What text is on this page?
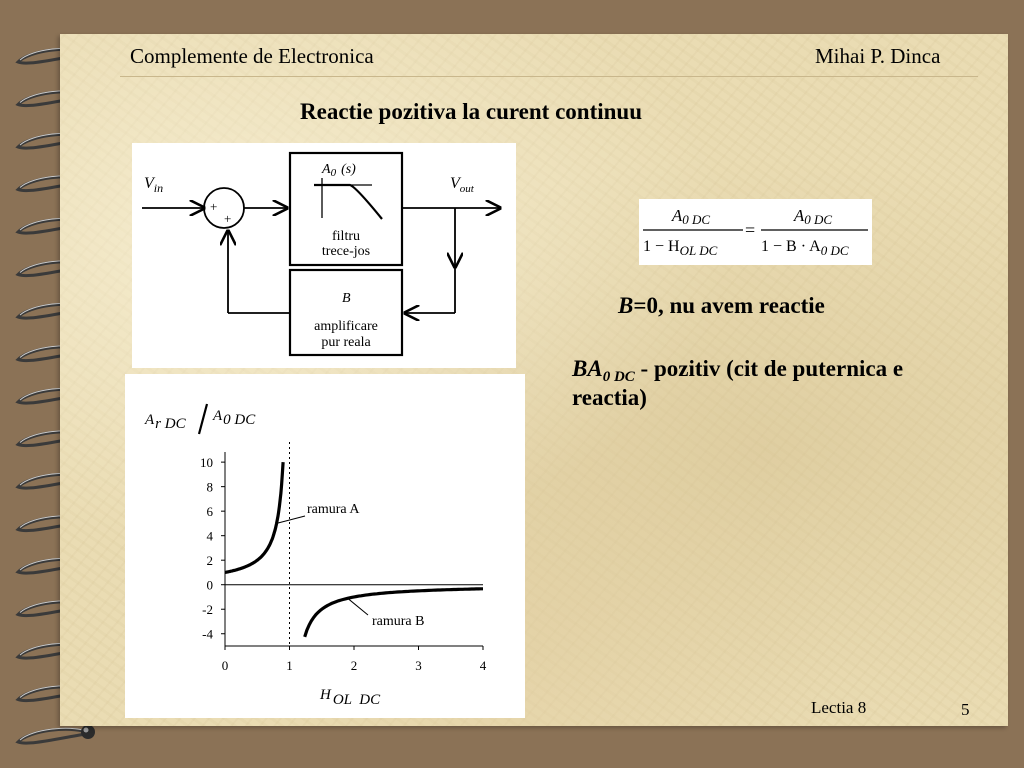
Complemente de Electronica	Mihai P. Dinca
Reactie pozitiva la curent continuu
$V_{in}$	$V_{out}$
+
+
$A_0$ (s)
filtru
trece-jos
B
amplificare
pur reala
A0 DC
$1 - H_{OL DC}$
=
A0 DC
$1 - B \cdot A_{0 DC}$
B=0, nu avem reactie
$BA_{0 DC}$ - pozitiv (cit de puternica e reactia)
10
8
6
4
2
0
-2
-4
0	1	2	3	4
ramura A
ramura B
Ar DC A0 DC
H OL  DC	Lectia 8	5
